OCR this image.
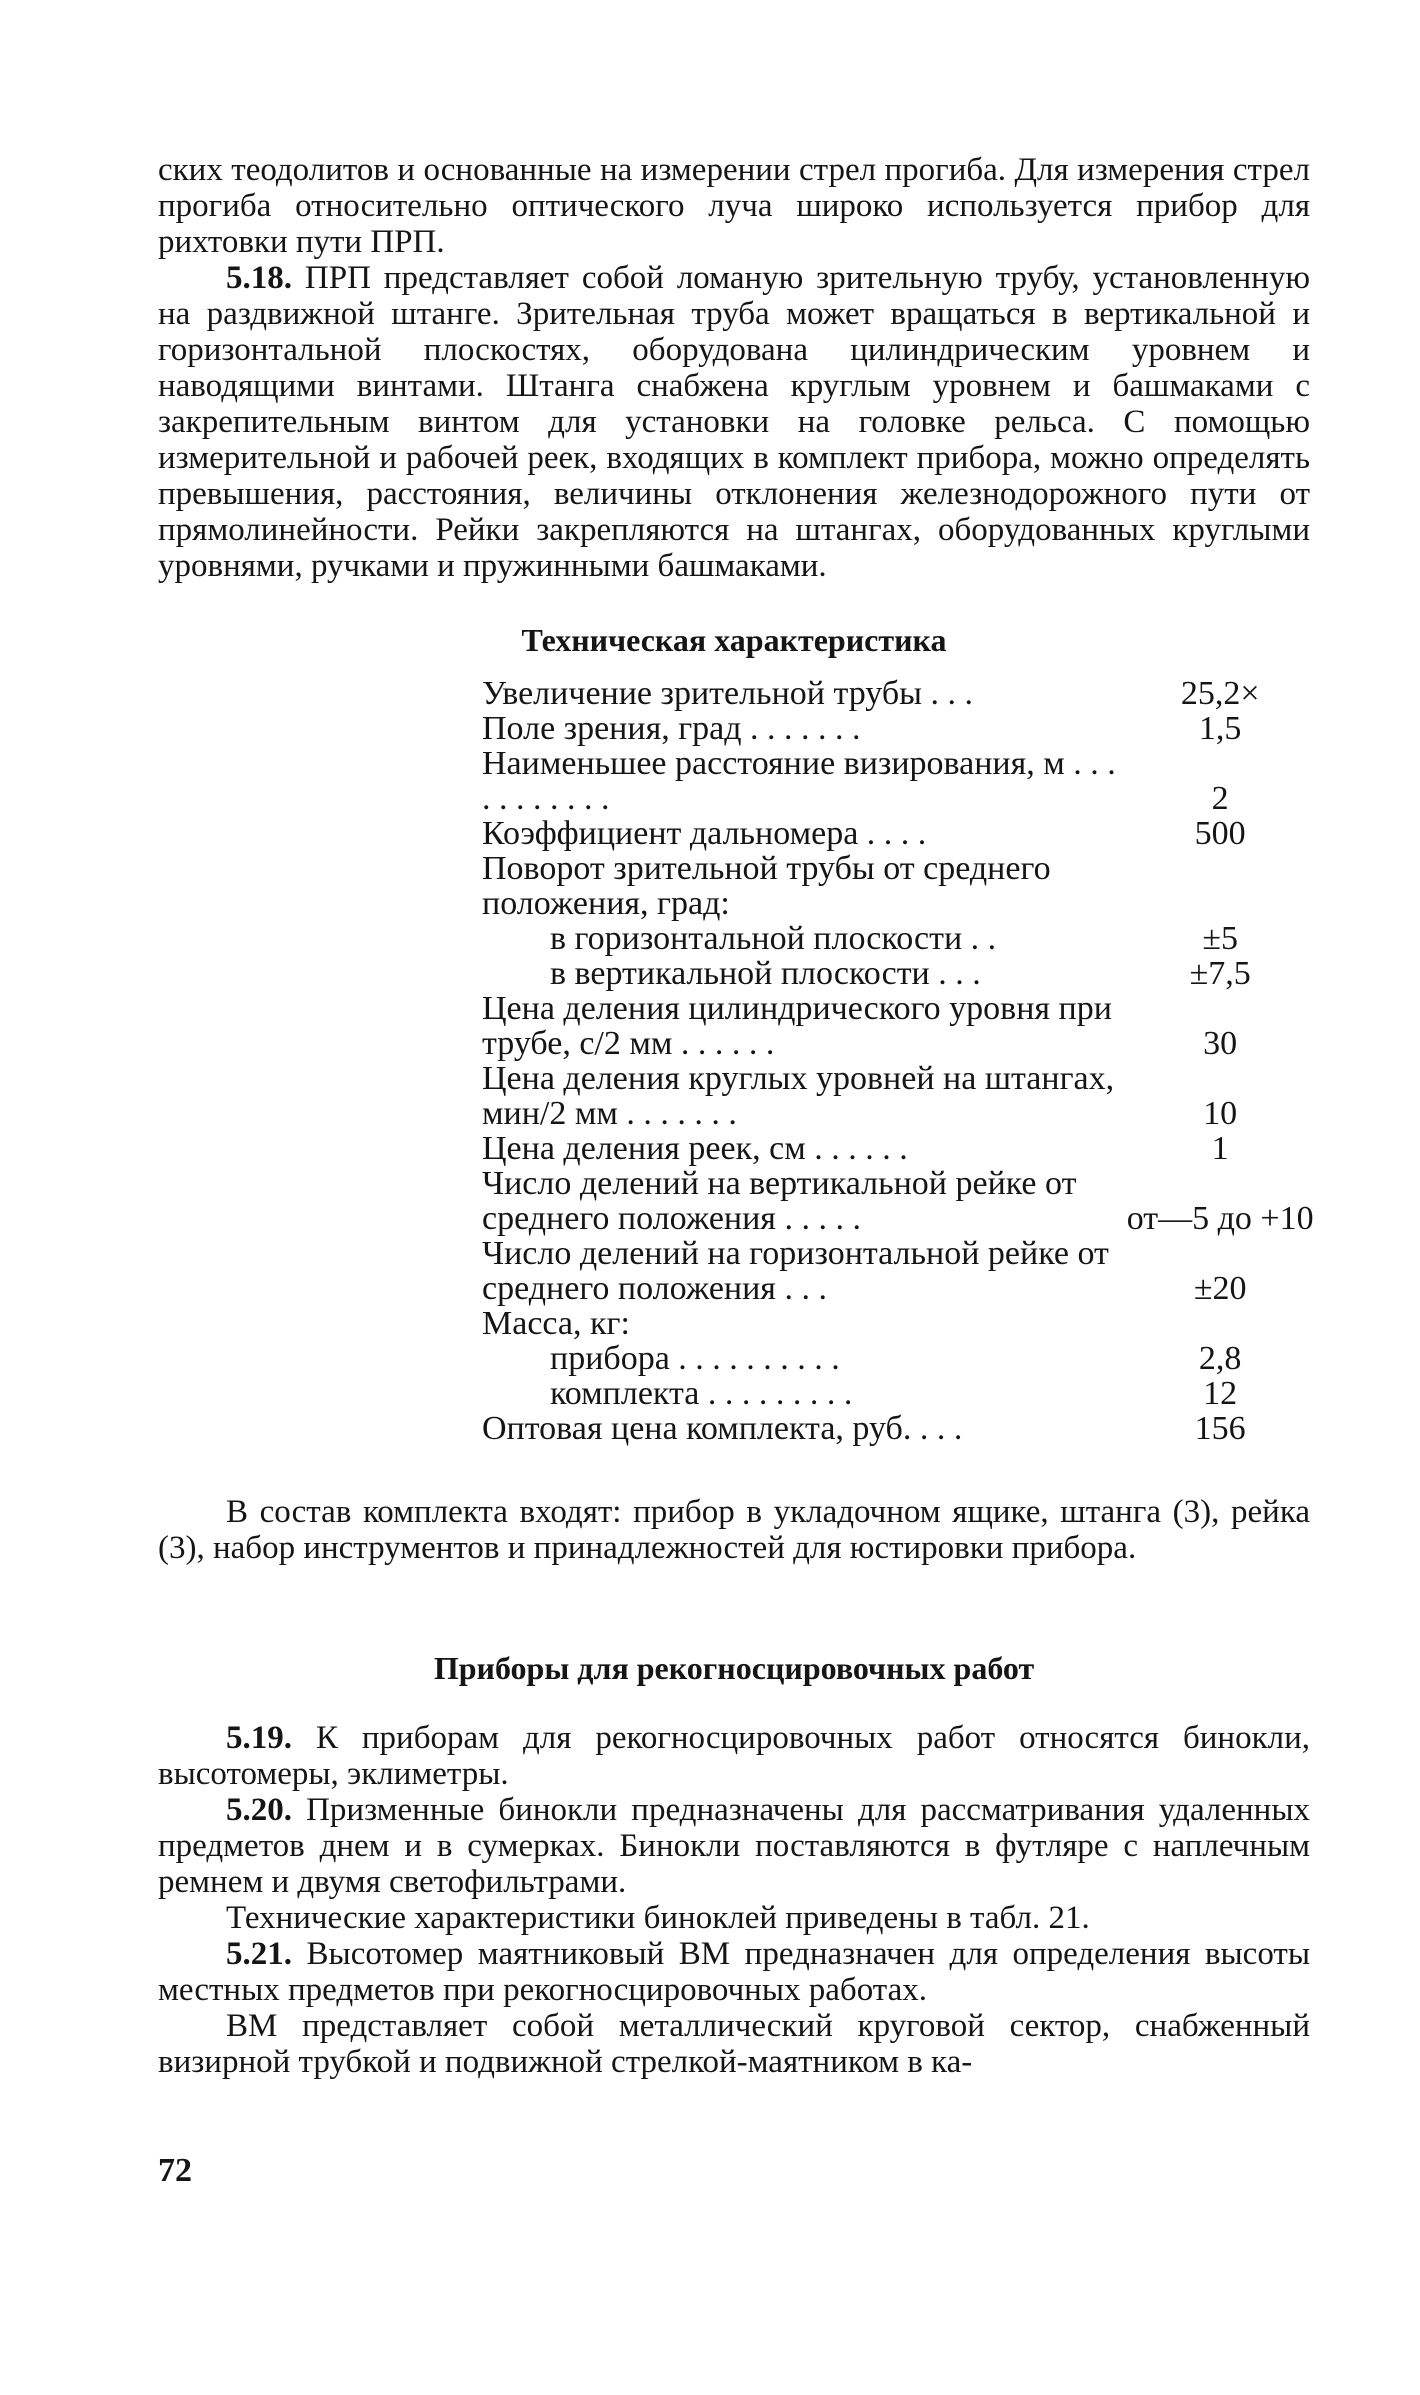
ских теодолитов и основанные на измерении стрел прогиба. Для измерения стрел прогиба относительно оптического луча широко используется прибор для рихтовки пути ПРП.

5.18. ПРП представляет собой ломаную зрительную трубу, установленную на раздвижной штанге. Зрительная труба может вращаться в вертикальной и горизонтальной плоскостях, оборудована цилиндрическим уровнем и наводящими винтами. Штанга снабжена круглым уровнем и башмаками с закрепительным винтом для установки на головке рельса. С помощью измерительной и рабочей реек, входящих в комплект прибора, можно определять превышения, расстояния, величины отклонения железнодорожного пути от прямолинейности. Рейки закрепляются на штангах, оборудованных круглыми уровнями, ручками и пружинными башмаками.

Техническая характеристика
Увеличение зрительной трубы . . .	25,2×
Поле зрения, град . . . . . . .	1,5
Наименьшее расстояние визирования, м . . . . . . . . . . .	2
Коэффициент дальномера . . . .	500
Поворот зрительной трубы от среднего положения, град:	
в горизонтальной плоскости . .	±5
в вертикальной плоскости . . .	±7,5
Цена деления цилиндрического уровня при трубе, с/2 мм . . . . . .	30
Цена деления круглых уровней на штангах, мин/2 мм . . . . . . .	10
Цена деления реек, см . . . . . .	1
Число делений на вертикальной рейке от среднего положения . . . . .	от—5 до +10
Число делений на горизонтальной рейке от среднего положения . . .	±20
Масса, кг:	
прибора . . . . . . . . . .	2,8
комплекта . . . . . . . . .	12
Оптовая цена комплекта, руб. . . .	156

В состав комплекта входят: прибор в укладочном ящике, штанга (3), рейка (3), набор инструментов и принадлежностей для юстировки прибора.

Приборы для рекогносцировочных работ

5.19. К приборам для рекогносцировочных работ относятся бинокли, высотомеры, эклиметры.

5.20. Призменные бинокли предназначены для рассматривания удаленных предметов днем и в сумерках. Бинокли поставляются в футляре с наплечным ремнем и двумя светофильтрами.

Технические характеристики биноклей приведены в табл. 21.

5.21. Высотомер маятниковый ВМ предназначен для определения высоты местных предметов при рекогносцировочных работах.

ВМ представляет собой металлический круговой сектор, снабженный визирной трубкой и подвижной стрелкой-маятником в ка-

72
